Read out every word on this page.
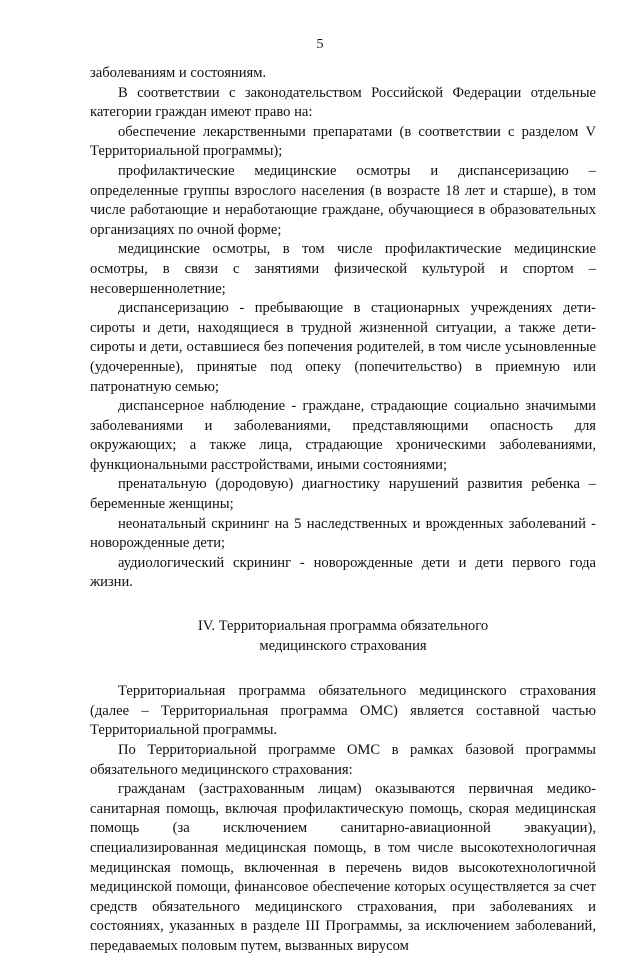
5

заболеваниям и состояниям.

В соответствии с законодательством Российской Федерации отдельные категории граждан имеют право на:

обеспечение лекарственными препаратами (в соответствии с разделом V Территориальной программы);

профилактические медицинские осмотры и диспансеризацию – определенные группы взрослого населения (в возрасте 18 лет и старше), в том числе работающие и неработающие граждане, обучающиеся в образовательных организациях по очной форме;

медицинские осмотры, в том числе профилактические медицинские осмотры, в связи с занятиями физической культурой и спортом – несовершеннолетние;

диспансеризацию - пребывающие в стационарных учреждениях дети-сироты и дети, находящиеся в трудной жизненной ситуации, а также дети-сироты и дети, оставшиеся без попечения родителей, в том числе усыновленные (удочеренные), принятые под опеку (попечительство) в приемную или патронатную семью;

диспансерное наблюдение - граждане, страдающие социально значимыми заболеваниями и заболеваниями, представляющими опасность для окружающих; а также лица, страдающие хроническими заболеваниями, функциональными расстройствами, иными состояниями;

пренатальную (дородовую) диагностику нарушений развития ребенка – беременные женщины;

неонатальный скрининг на 5 наследственных и врожденных заболеваний - новорожденные дети;

аудиологический скрининг - новорожденные дети и дети первого года жизни.

IV. Территориальная программа обязательного
медицинского страхования

Территориальная программа обязательного медицинского страхования (далее – Территориальная программа ОМС) является составной частью Территориальной программы.

По Территориальной программе ОМС в рамках базовой программы обязательного медицинского страхования:

гражданам (застрахованным лицам) оказываются первичная медико-санитарная помощь, включая профилактическую помощь, скорая медицинская помощь (за исключением санитарно-авиационной эвакуации), специализированная медицинская помощь, в том числе высокотехнологичная медицинская помощь, включенная в перечень видов высокотехнологичной медицинской помощи, финансовое обеспечение которых осуществляется за счет средств обязательного медицинского страхования, при заболеваниях и состояниях, указанных в разделе III Программы, за исключением заболеваний, передаваемых половым путем, вызванных вирусом
